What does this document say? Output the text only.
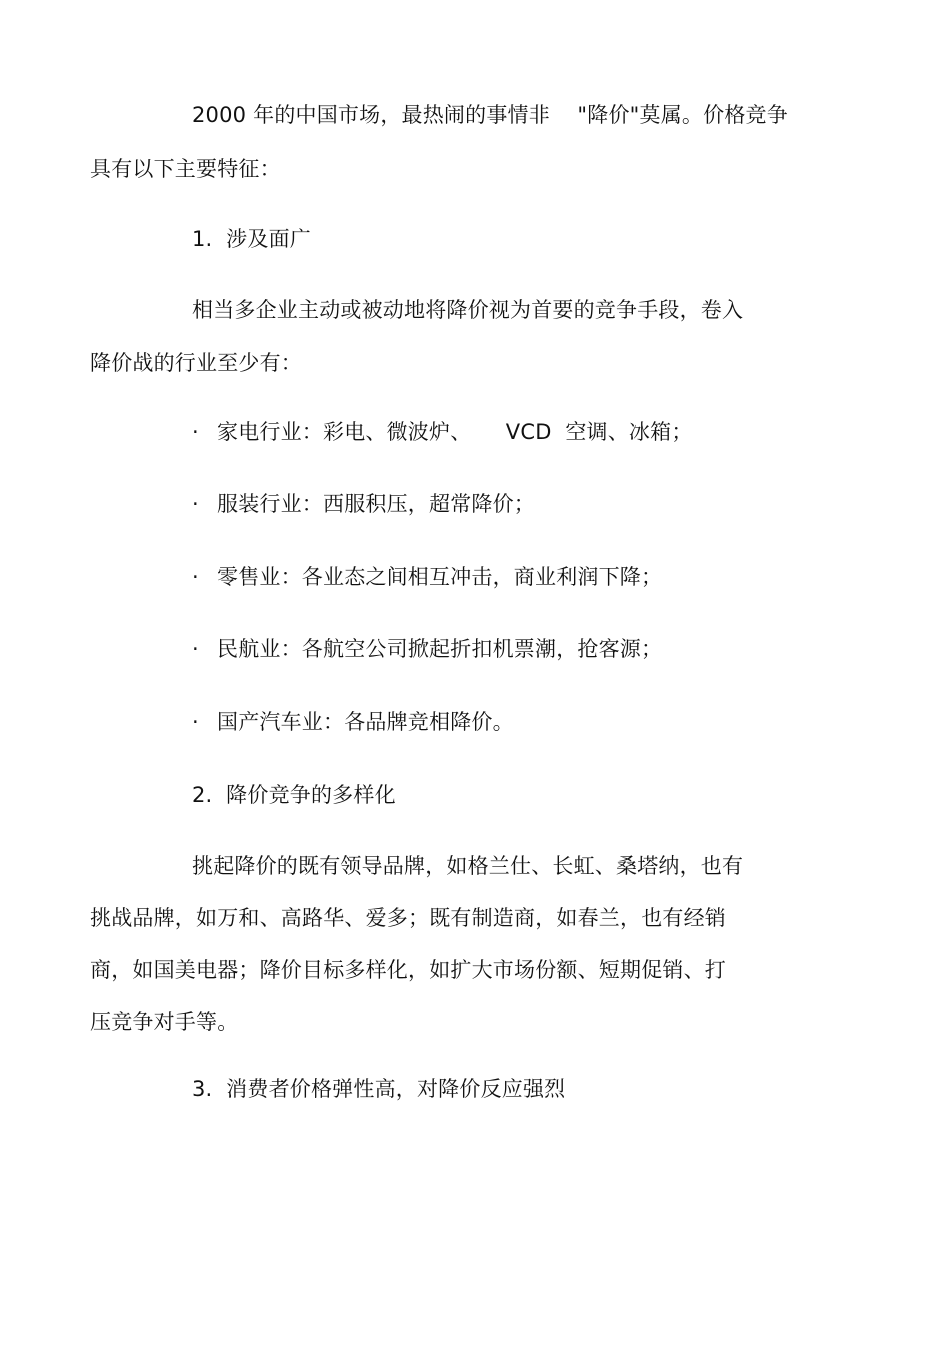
2000 年的中国市场，最热闹的事情非    "降价"莫属。价格竞争
具有以下主要特征：
1.  涉及面广
相当多企业主动或被动地将降价视为首要的竞争手段，卷入
降价战的行业至少有：
· 家电行业：彩电、微波炉、     VCD  空调、冰箱；
· 服装行业：西服积压，超常降价；
· 零售业：各业态之间相互冲击，商业利润下降；
· 民航业：各航空公司掀起折扣机票潮，抢客源；
· 国产汽车业：各品牌竞相降价。
2.  降价竞争的多样化
挑起降价的既有领导品牌，如格兰仕、长虹、桑塔纳，也有
挑战品牌，如万和、高路华、爱多；既有制造商，如春兰，也有经销
商，如国美电器；降价目标多样化，如扩大市场份额、短期促销、打
压竞争对手等。
3.  消费者价格弹性高，对降价反应强烈
